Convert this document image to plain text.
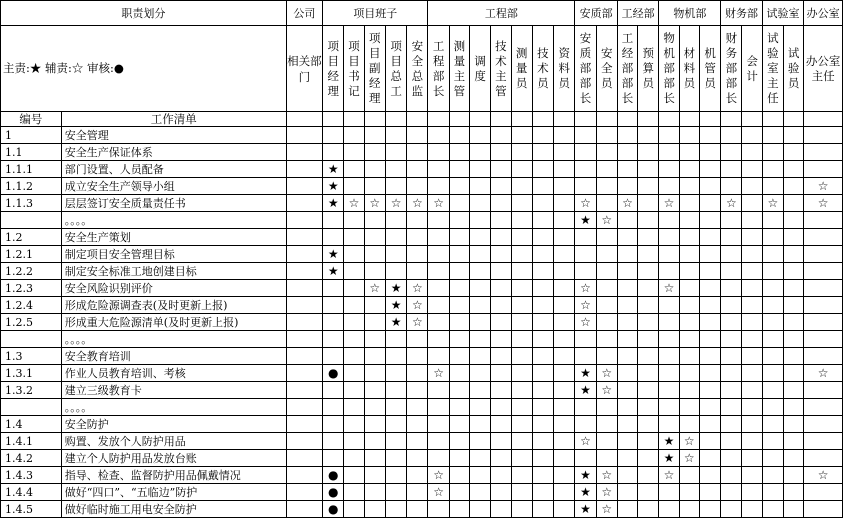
职责划分		公司	项目班子					工程部							安质部		工经部		物机部			财务部		试验室		办公室
主责:★ 辅责:☆ 审核:●		相关部门	项目经理	项目书记	项目副经理	项目总工	安全总监	工程部长	测量主管	调度	技术主管	测量员	技术员	资料员	安质部部长	安全员	工经部部长	预算员	物机部部长	材料员	机管员	财务部部长	会计	试验室主任	试验员	办公室主任
编号	工作清单																									
1	安全管理																									
1.1	安全生产保证体系																									
1.1.1	部门设置、人员配备		★																							
1.1.2	成立安全生产领导小组		★																							☆
1.1.3	层层签订安全质量责任书		★	☆	☆	☆	☆	☆							☆		☆		☆			☆		☆		☆
	。。。。														★	☆										
1.2	安全生产策划																									
1.2.1	制定项目安全管理目标		★																							
1.2.2	制定安全标准工地创建目标		★																							
1.2.3	安全风险识别评价				☆	★	☆								☆				☆							
1.2.4	形成危险源调查表(及时更新上报)					★	☆								☆											
1.2.5	形成重大危险源清单(及时更新上报)					★	☆								☆											
	。。。。																									
1.3	安全教育培训																									
1.3.1	作业人员教育培训、考核		●					☆							★	☆										☆
1.3.2	建立三级教育卡														★	☆										
	。。。。																									
1.4	安全防护																									
1.4.1	购置、发放个人防护用品														☆				★	☆						
1.4.2	建立个人防护用品发放台账																		★	☆						
1.4.3	指导、检查、监督防护用品佩戴情况		●					☆							★	☆			☆							☆
1.4.4	做好“四口”、“五临边”防护		●					☆							★	☆										
1.4.5	做好临时施工用电安全防护		●												★	☆										
